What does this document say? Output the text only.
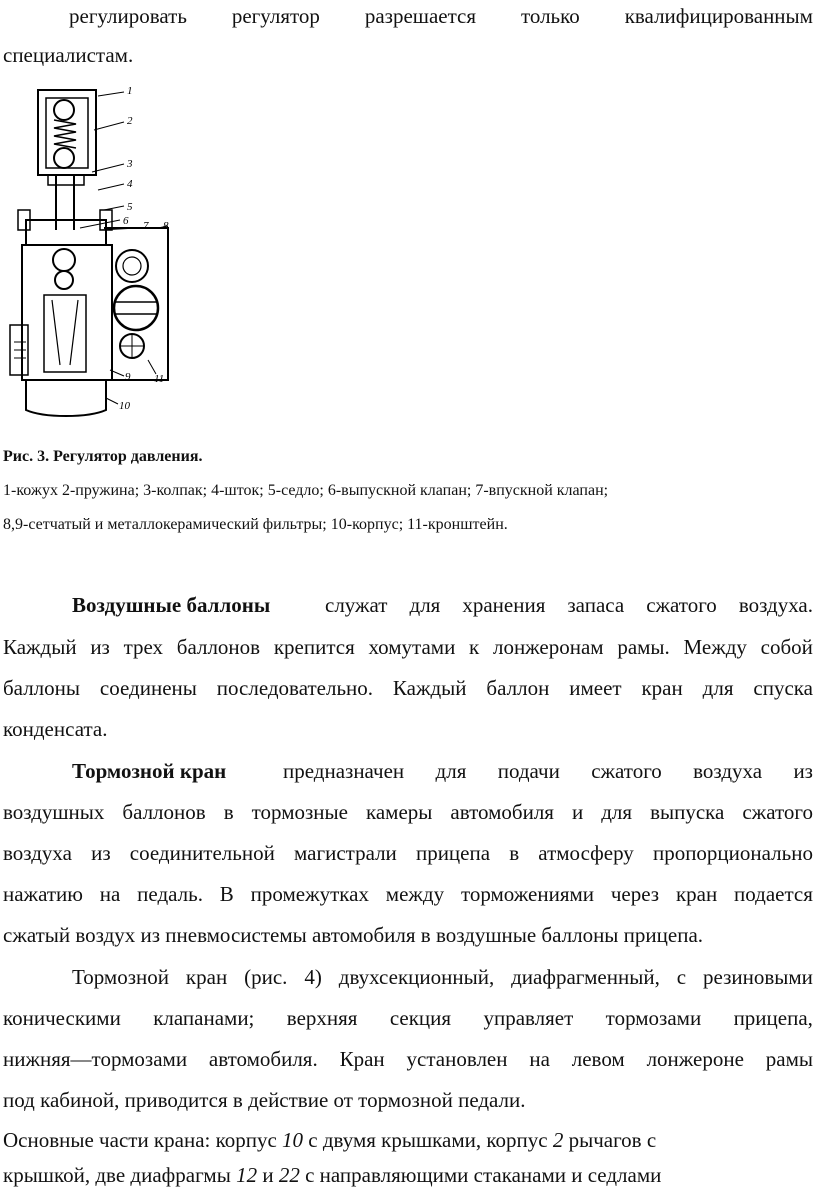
регулировать регулятор разрешается только квалифицированным
специалистам.
1
2
3
4
5
6 7 8
9
10
11
Рис. 3. Регулятор давления.
1-кожух 2-пружина; 3-колпак; 4-шток; 5-седло; 6-выпускной клапан; 7-впускной клапан;
8,9-сетчатый и металлокерамический фильтры; 10-корпус; 11-кронштейн.
Воздушные баллоны	служат для хранения запаса сжатого воздуха.
Каждый из трех баллонов крепится хомутами к лонжеронам рамы. Между собой
баллоны соединены последовательно. Каждый баллон имеет кран для спуска
конденсата.
Тормозной кран	предназначен для подачи сжатого воздуха из
воздушных баллонов в тормозные камеры автомобиля и для выпуска сжатого
воздуха из соединительной магистрали прицепа в атмосферу пропорционально
нажатию на педаль. В промежутках между торможениями через кран подается
сжатый воздух из пневмосистемы автомобиля в воздушные баллоны прицепа.
Тормозной кран (рис. 4) двухсекционный, диафрагменный, с резиновыми
коническими клапанами; верхняя секция управляет тормозами прицепа,
нижняя—тормозами автомобиля. Кран установлен на левом лонжероне рамы
под кабиной, приводится в действие от тормозной педали.
Основные части крана: корпус 10 с двумя крышками, корпус 2 рычагов с
крышкой, две диафрагмы 12 и 22 с направляющими стаканами и седлами
